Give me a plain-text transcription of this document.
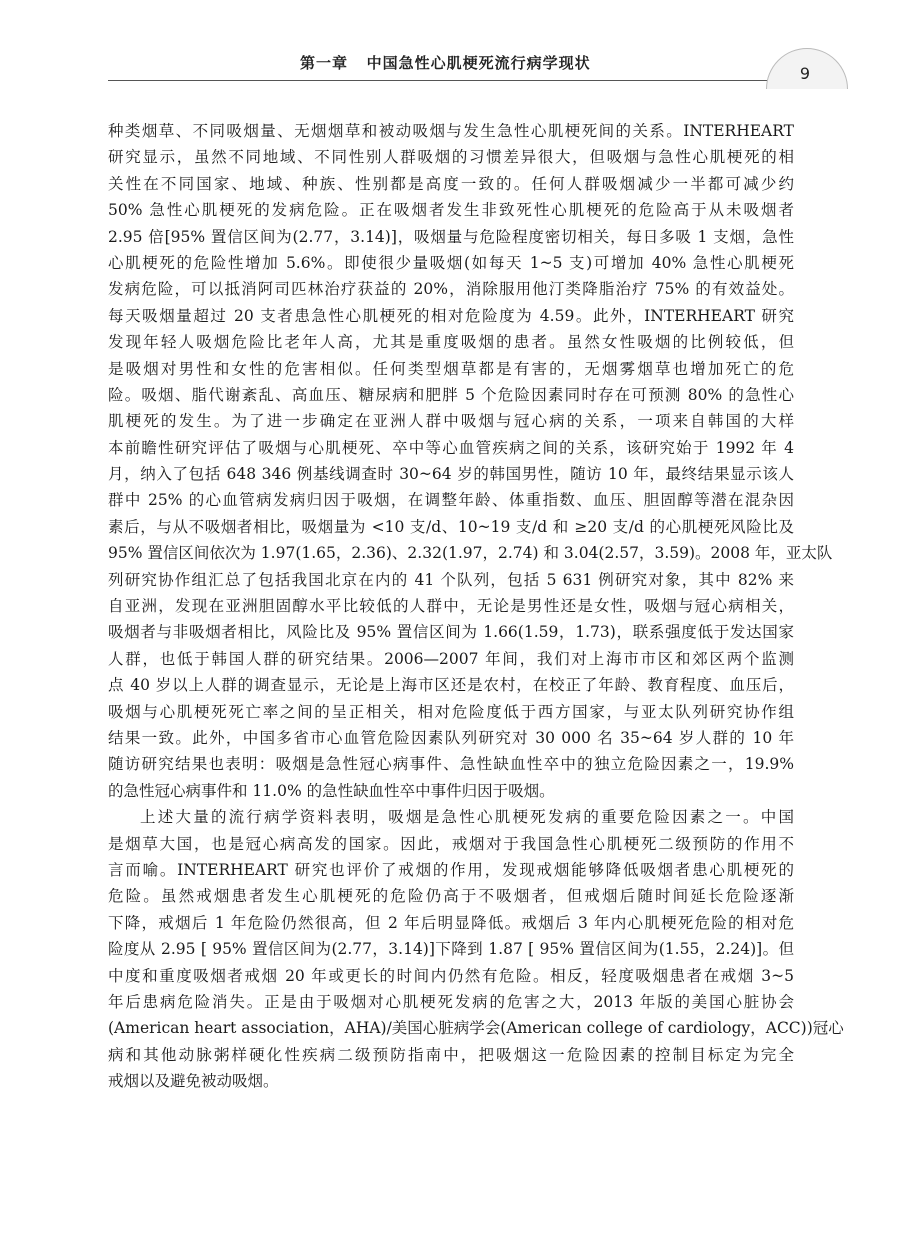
第一章   中国急性心肌梗死流行病学现状
9
种类烟草、不同吸烟量、无烟烟草和被动吸烟与发生急性心肌梗死间的关系。INTERHEART
研究显示，虽然不同地域、不同性别人群吸烟的习惯差异很大，但吸烟与急性心肌梗死的相
关性在不同国家、地域、种族、性别都是高度一致的。任何人群吸烟减少一半都可减少约
50% 急性心肌梗死的发病危险。正在吸烟者发生非致死性心肌梗死的危险高于从未吸烟者
2.95 倍[95% 置信区间为(2.77，3.14)]，吸烟量与危险程度密切相关，每日多吸 1 支烟，急性
心肌梗死的危险性增加 5.6%。即使很少量吸烟(如每天 1~5 支)可增加 40% 急性心肌梗死
发病危险，可以抵消阿司匹林治疗获益的 20%，消除服用他汀类降脂治疗 75% 的有效益处。
每天吸烟量超过 20 支者患急性心肌梗死的相对危险度为 4.59。此外，INTERHEART 研究
发现年轻人吸烟危险比老年人高，尤其是重度吸烟的患者。虽然女性吸烟的比例较低，但
是吸烟对男性和女性的危害相似。任何类型烟草都是有害的，无烟雾烟草也增加死亡的危
险。吸烟、脂代谢紊乱、高血压、糖尿病和肥胖 5 个危险因素同时存在可预测 80% 的急性心
肌梗死的发生。为了进一步确定在亚洲人群中吸烟与冠心病的关系，一项来自韩国的大样
本前瞻性研究评估了吸烟与心肌梗死、卒中等心血管疾病之间的关系，该研究始于 1992 年 4
月，纳入了包括 648 346 例基线调查时 30~64 岁的韩国男性，随访 10 年，最终结果显示该人
群中 25% 的心血管病发病归因于吸烟，在调整年龄、体重指数、血压、胆固醇等潜在混杂因
素后，与从不吸烟者相比，吸烟量为 <10 支/d、10~19 支/d 和 ≥20 支/d 的心肌梗死风险比及
95% 置信区间依次为 1.97(1.65，2.36)、2.32(1.97，2.74) 和 3.04(2.57，3.59)。2008 年，亚太队
列研究协作组汇总了包括我国北京在内的 41 个队列，包括 5 631 例研究对象，其中 82% 来
自亚洲，发现在亚洲胆固醇水平比较低的人群中，无论是男性还是女性，吸烟与冠心病相关，
吸烟者与非吸烟者相比，风险比及 95% 置信区间为 1.66(1.59，1.73)，联系强度低于发达国家
人群，也低于韩国人群的研究结果。2006—2007 年间，我们对上海市市区和郊区两个监测
点 40 岁以上人群的调查显示，无论是上海市区还是农村，在校正了年龄、教育程度、血压后，
吸烟与心肌梗死死亡率之间的呈正相关，相对危险度低于西方国家，与亚太队列研究协作组
结果一致。此外，中国多省市心血管危险因素队列研究对 30 000 名 35~64 岁人群的 10 年
随访研究结果也表明：吸烟是急性冠心病事件、急性缺血性卒中的独立危险因素之一，19.9%
的急性冠心病事件和 11.0% 的急性缺血性卒中事件归因于吸烟。
上述大量的流行病学资料表明，吸烟是急性心肌梗死发病的重要危险因素之一。中国
是烟草大国，也是冠心病高发的国家。因此，戒烟对于我国急性心肌梗死二级预防的作用不
言而喻。INTERHEART 研究也评价了戒烟的作用，发现戒烟能够降低吸烟者患心肌梗死的
危险。虽然戒烟患者发生心肌梗死的危险仍高于不吸烟者，但戒烟后随时间延长危险逐渐
下降，戒烟后 1 年危险仍然很高，但 2 年后明显降低。戒烟后 3 年内心肌梗死危险的相对危
险度从 2.95 [ 95% 置信区间为(2.77，3.14)]下降到 1.87 [ 95% 置信区间为(1.55，2.24)]。但
中度和重度吸烟者戒烟 20 年或更长的时间内仍然有危险。相反，轻度吸烟患者在戒烟 3~5
年后患病危险消失。正是由于吸烟对心肌梗死发病的危害之大，2013 年版的美国心脏协会
(American heart association，AHA)/美国心脏病学会(American college of cardiology，ACC))冠心
病和其他动脉粥样硬化性疾病二级预防指南中，把吸烟这一危险因素的控制目标定为完全
戒烟以及避免被动吸烟。
